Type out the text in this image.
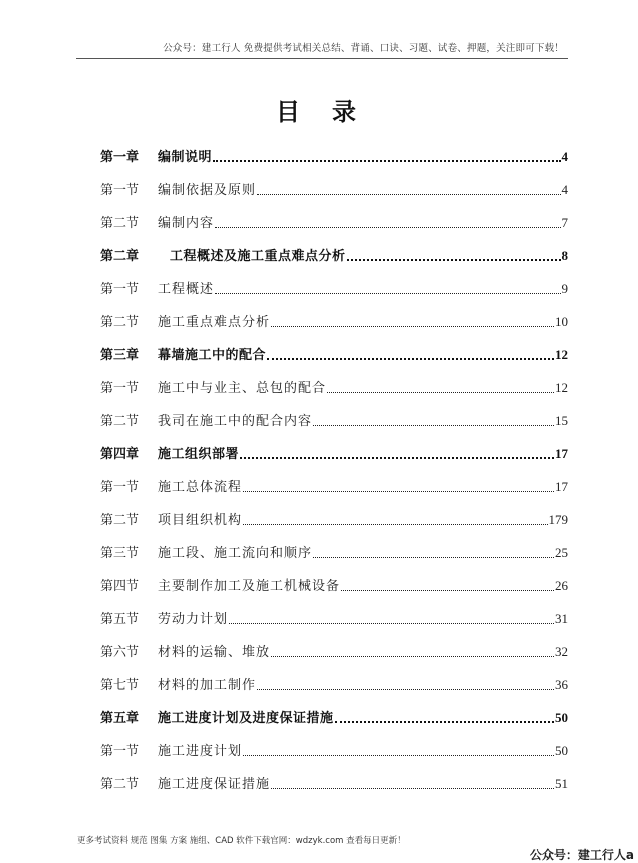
公众号：建工行人 免费提供考试相关总结、背诵、口诀、习题、试卷、押题，关注即可下载！
目 录
第一章	编制说明	4
第一节	编制依据及原则	4
第二节	编制内容	7
第二章	工程概述及施工重点难点分析	8
第一节	工程概述	9
第二节	施工重点难点分析	10
第三章	幕墙施工中的配合	12
第一节	施工中与业主、总包的配合	12
第二节	我司在施工中的配合内容	15
第四章	施工组织部署	17
第一节	施工总体流程	17
第二节	项目组织机构	179
第三节	施工段、施工流向和顺序	25
第四节	主要制作加工及施工机械设备	26
第五节	劳动力计划	31
第六节	材料的运输、堆放	32
第七节	材料的加工制作	36
第五章	施工进度计划及进度保证措施	50
第一节	施工进度计划	50
第二节	施工进度保证措施	51
更多考试资料 规范 图集 方案 施组、CAD 软件下载官网：wdzyk.com 查看每日更新！
公众号：建工行人a
